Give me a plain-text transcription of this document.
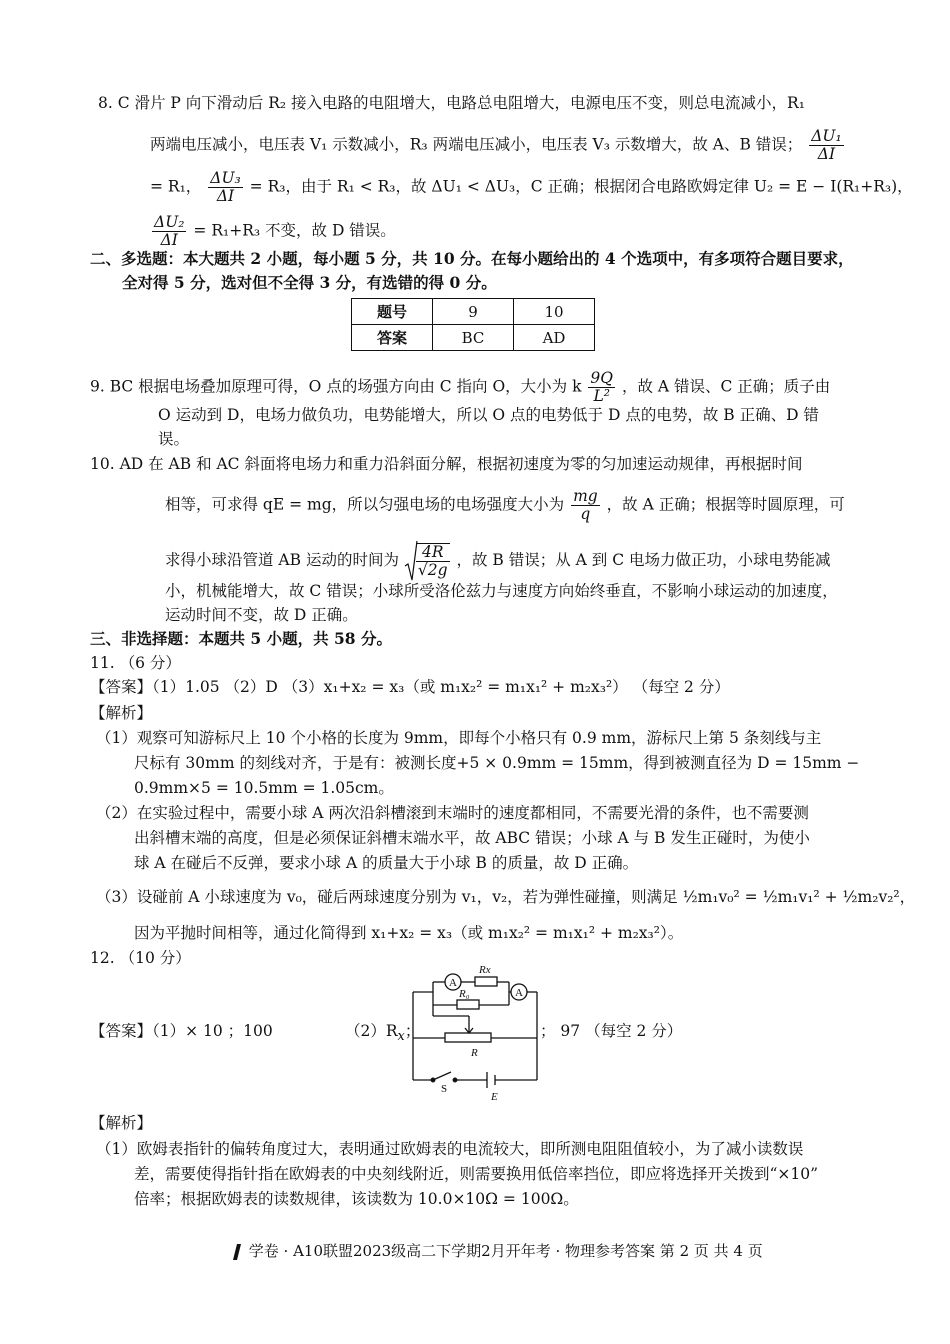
8. C 滑片 P 向下滑动后 R₂ 接入电路的电阻增大，电路总电阻增大，电源电压不变，则总电流减小，R₁
两端电压减小，电压表 V₁ 示数减小，R₃ 两端电压减小，电压表 V₃ 示数增大，故 A、B 错误； $\frac{\text{ΔU₁}}{\Delta I}$
= R₁， $\frac{\text{ΔU₃}}{\Delta I} = R_3$，由于 R₁ < R₃，故 ΔU₁ < ΔU₃，C 正确；根据闭合电路欧姆定律 U₂ = E − I(R₁+R₃)，
$\frac{\text{ΔU₂}}{\Delta I} = R_1+R_3$ 不变，故 D 错误。
二、多选题：本大题共 2 小题，每小题 5 分，共 10 分。在每小题给出的 4 个选项中，有多项符合题目要求，
全对得 5 分，选对但不全得 3 分，有选错的得 0 分。
题号	9	10
答案	BC	AD
9. BC 根据电场叠加原理可得，O 点的场强方向由 C 指向 O，大小为 k $\frac{9Q}{\text{L²}}$ ，故 A 错误、C 正确；质子由
O 运动到 D，电场力做负功，电势能增大，所以 O 点的电势低于 D 点的电势，故 B 正确、D 错
误。
10. AD 在 AB 和 AC 斜面将电场力和重力沿斜面分解，根据初速度为零的匀加速运动规律，再根据时间
相等，可求得 qE = mg，所以匀强电场的电场强度大小为 $\frac{mg}{q}$ ，故 A 正确；根据等时圆原理，可
求得小球沿管道 AB 运动的时间为 $\frac{4R}{√2g}$ ，故 B 错误；从 A 到 C 电场力做正功，小球电势能减
小，机械能增大，故 C 错误；小球所受洛伦兹力与速度方向始终垂直，不影响小球运动的加速度，
运动时间不变，故 D 正确。
三、非选择题：本题共 5 小题，共 58 分。
11. （6 分）
【答案】（1）1.05 （2）D （3）x₁+x₂ = x₃（或 m₁x₂² = m₁x₁² + m₂x₃²） （每空 2 分）
【解析】
（1）观察可知游标尺上 10 个小格的长度为 9mm，即每个小格只有 0.9 mm，游标尺上第 5 条刻线与主
尺标有 30mm 的刻线对齐，于是有：被测长度+5 × 0.9mm = 15mm，得到被测直径为 D = 15mm −
0.9mm×5 = 10.5mm = 1.05cm。
（2）在实验过程中，需要小球 A 两次沿斜槽滚到末端时的速度都相同，不需要光滑的条件，也不需要测
出斜槽末端的高度，但是必须保证斜槽末端水平，故 ABC 错误；小球 A 与 B 发生正碰时，为使小
球 A 在碰后不反弹，要求小球 A 的质量大于小球 B 的质量，故 D 正确。
（3）设碰前 A 小球速度为 v₀，碰后两球速度分别为 v₁，v₂，若为弹性碰撞，则满足 ½m₁v₀² = ½m₁v₁² + ½m₂v₂²，
因为平抛时间相等，通过化简得到 x₁+x₂ = x₃（或 m₁x₂² = m₁x₁² + m₂x₃²）。
12. （10 分）
【答案】（1）× 10 ；100	$(2)R_x$；	； 97 （每空 2 分）
A
A
Rx
R₀
R
S
E
【解析】
（1）欧姆表指针的偏转角度过大，表明通过欧姆表的电流较大，即所测电阻阻值较小，为了减小读数误
差，需要使得指针指在欧姆表的中央刻线附近，则需要换用低倍率挡位，即应将选择开关拨到“×10”
倍率；根据欧姆表的读数规律，该读数为 10.0×10Ω = 100Ω。
学卷 · A10联盟2023级高二下学期2月开年考 · 物理参考答案 第 2 页 共 4 页
